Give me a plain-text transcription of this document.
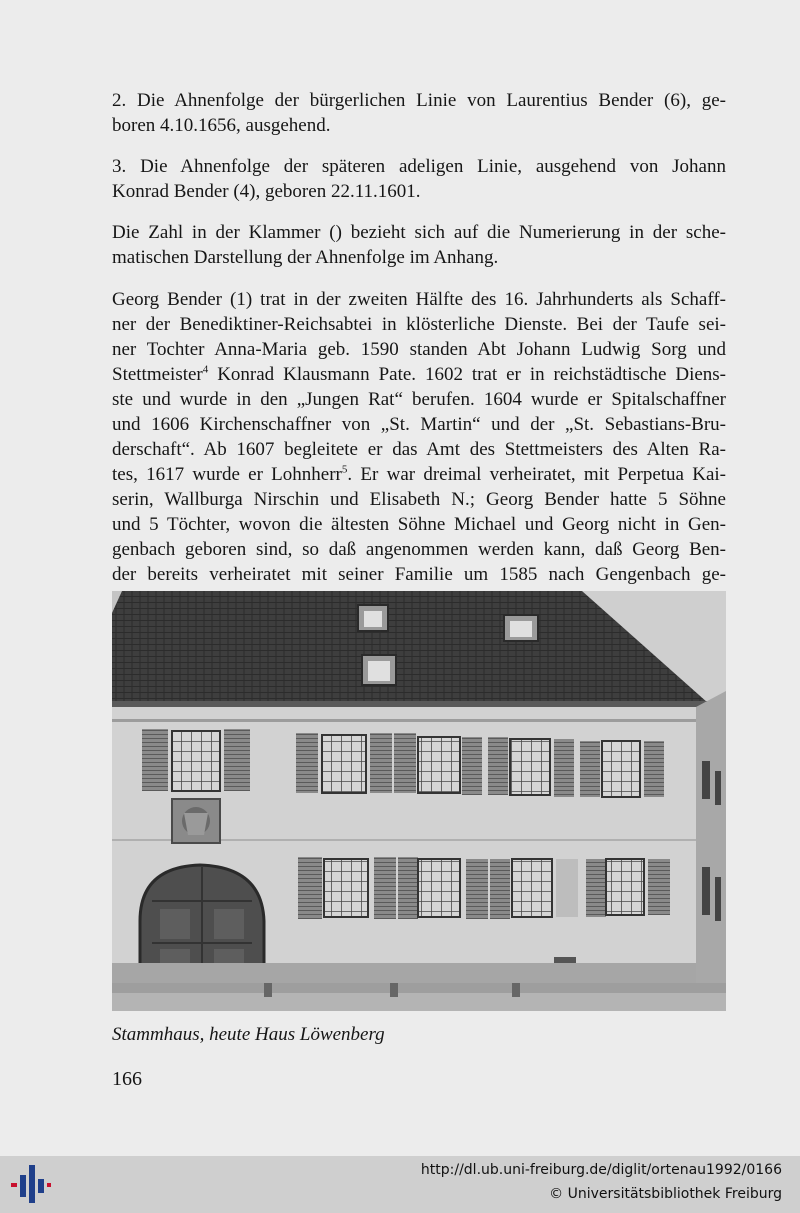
2. Die Ahnenfolge der bürgerlichen Linie von Laurentius Bender (6), ge-
boren 4.10.1656, ausgehend.
3. Die Ahnenfolge der späteren adeligen Linie, ausgehend von Johann
Konrad Bender (4), geboren 22.11.1601.
Die Zahl in der Klammer () bezieht sich auf die Numerierung in der sche-
matischen Darstellung der Ahnenfolge im Anhang.
Georg Bender (1) trat in der zweiten Hälfte des 16. Jahrhunderts als Schaff-
ner der Benediktiner-Reichsabtei in klösterliche Dienste. Bei der Taufe sei-
ner Tochter Anna-Maria geb. 1590 standen Abt Johann Ludwig Sorg und
Stettmeister$^4$ Konrad Klausmann Pate. 1602 trat er in reichstädtische Diens-
ste und wurde in den „Jungen Rat“ berufen. 1604 wurde er Spitalschaffner
und 1606 Kirchenschaffner von „St. Martin“ und der „St. Sebastians-Bru-
derschaft“. Ab 1607 begleitete er das Amt des Stettmeisters des Alten Ra-
tes, 1617 wurde er Lohnherr$^5$. Er war dreimal verheiratet, mit Perpetua Kai-
serin, Wallburga Nirschin und Elisabeth N.; Georg Bender hatte 5 Söhne
und 5 Töchter, wovon die ältesten Söhne Michael und Georg nicht in Gen-
genbach geboren sind, so daß angenommen werden kann, daß Georg Ben-
der bereits verheiratet mit seiner Familie um 1585 nach Gengenbach ge-
Stammhaus, heute Haus Löwenberg
166
http://dl.ub.uni-freiburg.de/diglit/ortenau1992/0166
© Universitätsbibliothek Freiburg
